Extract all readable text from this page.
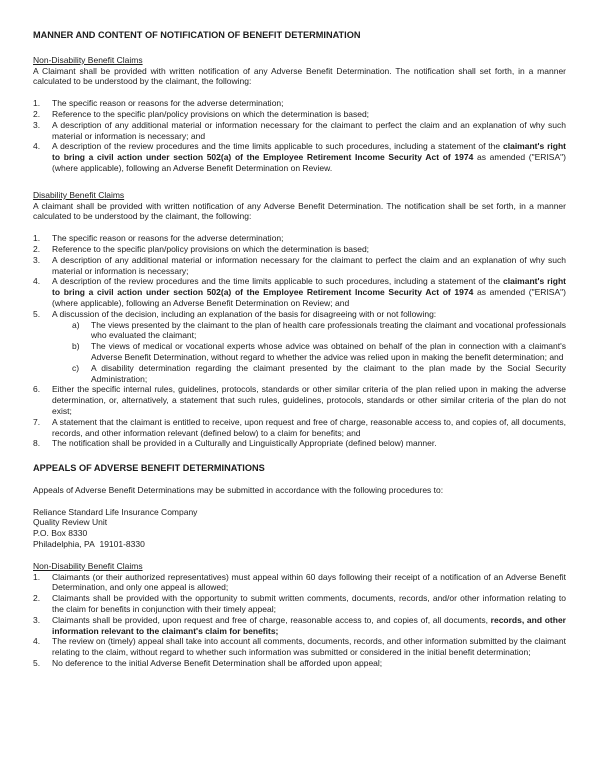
MANNER AND CONTENT OF NOTIFICATION OF BENEFIT DETERMINATION
Non-Disability Benefit Claims
A Claimant shall be provided with written notification of any Adverse Benefit Determination. The notification shall set forth, in a manner calculated to be understood by the claimant, the following:
1.	The specific reason or reasons for the adverse determination;
2.	Reference to the specific plan/policy provisions on which the determination is based;
3.	A description of any additional material or information necessary for the claimant to perfect the claim and an explanation of why such material or information is necessary; and
4.	A description of the review procedures and the time limits applicable to such procedures, including a statement of the claimant's right to bring a civil action under section 502(a) of the Employee Retirement Income Security Act of 1974 as amended ("ERISA") (where applicable), following an Adverse Benefit Determination on Review.
Disability Benefit Claims
A claimant shall be provided with written notification of any Adverse Benefit Determination. The notification shall be set forth, in a manner calculated to be understood by the claimant, the following:
1.	The specific reason or reasons for the adverse determination;
2.	Reference to the specific plan/policy provisions on which the determination is based;
3.	A description of any additional material or information necessary for the claimant to perfect the claim and an explanation of why such material or information is necessary;
4.	A description of the review procedures and the time limits applicable to such procedures, including a statement of the claimant's right to bring a civil action under section 502(a) of the Employee Retirement Income Security Act of 1974 as amended ("ERISA") (where applicable), following an Adverse Benefit Determination on Review; and
5.	A discussion of the decision, including an explanation of the basis for disagreeing with or not following:
a)	The views presented by the claimant to the plan of health care professionals treating the claimant and vocational professionals who evaluated the claimant;
b)	The views of medical or vocational experts whose advice was obtained on behalf of the plan in connection with a claimant's Adverse Benefit Determination, without regard to whether the advice was relied upon in making the benefit determination; and
c)	A disability determination regarding the claimant presented by the claimant to the plan made by the Social Security Administration;
6.	Either the specific internal rules, guidelines, protocols, standards or other similar criteria of the plan relied upon in making the adverse determination, or, alternatively, a statement that such rules, guidelines, protocols, standards or other similar criteria of the plan do not exist;
7.	A statement that the claimant is entitled to receive, upon request and free of charge, reasonable access to, and copies of, all documents, records, and other information relevant (defined below) to a claim for benefits; and
8.	The notification shall be provided in a Culturally and Linguistically Appropriate (defined below) manner.
APPEALS OF ADVERSE BENEFIT DETERMINATIONS
Appeals of Adverse Benefit Determinations may be submitted in accordance with the following procedures to:
Reliance Standard Life Insurance Company
Quality Review Unit
P.O. Box 8330
Philadelphia, PA  19101-8330
Non-Disability Benefit Claims
1.	Claimants (or their authorized representatives) must appeal within 60 days following their receipt of a notification of an Adverse Benefit Determination, and only one appeal is allowed;
2.	Claimants shall be provided with the opportunity to submit written comments, documents, records, and/or other information relating to the claim for benefits in conjunction with their timely appeal;
3.	Claimants shall be provided, upon request and free of charge, reasonable access to, and copies of, all documents, records, and other information relevant to the claimant's claim for benefits;
4.	The review on (timely) appeal shall take into account all comments, documents, records, and other information submitted by the claimant relating to the claim, without regard to whether such information was submitted or considered in the initial benefit determination;
5.	No deference to the initial Adverse Benefit Determination shall be afforded upon appeal;
